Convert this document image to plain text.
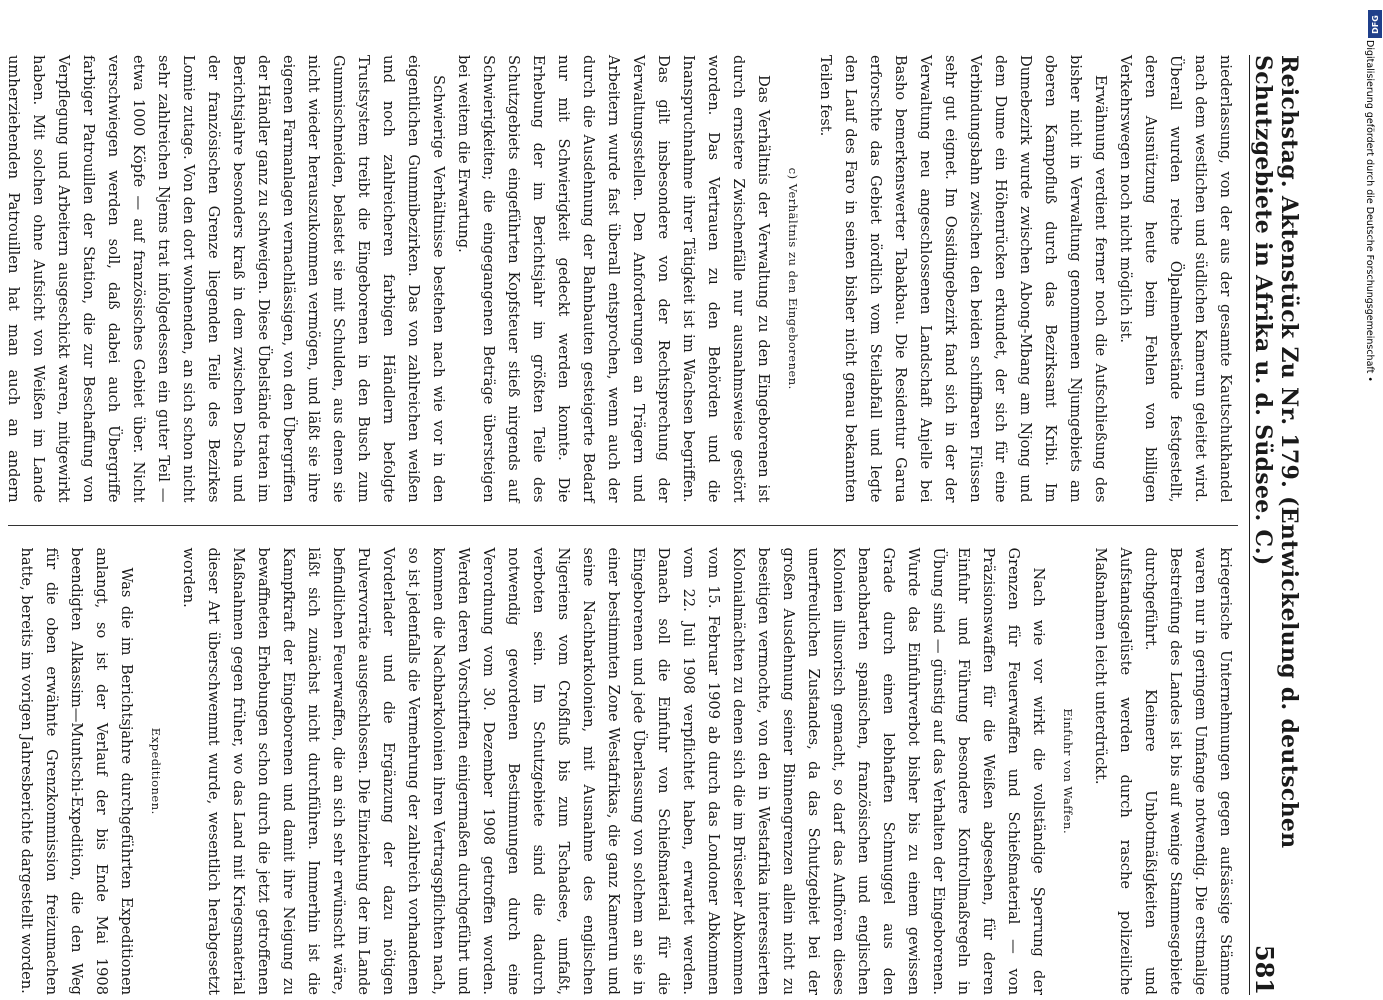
Reichstag. Aktenstück Zu Nr. 179. (Entwickelung d. deutschen Schutzgebiete in Afrika u. d. Südsee. C.)
581

niederlassung, von der aus der gesamte Kautschukhandel nach dem westlichen und südlichen Kamerun geleitet wird. Überall wurden reiche Ölpalmenbestände festgestellt, deren Ausnützung heute beim Fehlen von billigen Verkehrswegen noch nicht möglich ist.

Erwähnung verdient ferner noch die Aufschließung des bisher nicht in Verwaltung genommenen Njumgebiets am oberen Kampofluß durch das Bezirksamt Kribi. Im Dumebezirk wurde zwischen Abong-Mbang am Njong und dem Dume ein Höhenrücken erkundet, der sich für eine Verbindungsbahn zwischen den beiden schiffbaren Flüssen sehr gut eignet. Im Ossidingebezirk fand sich in der der Verwaltung neu angeschlossenen Landschaft Anjelle bei Basho bemerkenswerter Tabakbau. Die Residentur Garua erforschte das Gebiet nördlich vom Steilabfall und legte den Lauf des Faro in seinen bisher nicht genau bekannten Teilen fest.

c) Verhältnis zu den Eingeborenen.

Das Verhältnis der Verwaltung zu den Eingeborenen ist durch ernstere Zwischenfälle nur ausnahmsweise gestört worden. Das Vertrauen zu den Behörden und die Inanspruchnahme ihrer Tätigkeit ist im Wachsen begriffen. Das gilt insbesondere von der Rechtsprechung der Verwaltungsstellen. Den Anforderungen an Trägern und Arbeitern wurde fast überall entsprochen, wenn auch der durch die Ausdehnung der Bahnbauten gesteigerte Bedarf nur mit Schwierigkeit gedeckt werden konnte. Die Erhebung der im Berichtsjahr im größten Teile des Schutzgebiets eingeführten Kopfsteuer stieß nirgends auf Schwierigkeiten; die eingegangenen Beträge übersteigen bei weitem die Erwartung.

Schwierige Verhältnisse bestehen nach wie vor in den eigentlichen Gummibezirken. Das von zahlreichen weißen und noch zahlreicheren farbigen Händlern befolgte Trustsystem treibt die Eingeborenen in den Busch zum Gummischneiden, belastet sie mit Schulden, aus denen sie nicht wieder herauszukommen vermögen, und läßt sie ihre eigenen Farmanlagen vernachlässigen, von den Übergriffen der Händler ganz zu schweigen. Diese Übelstände traten im Berichtsjahre besonders kraß in dem zwischen Dscha und der französischen Grenze liegenden Teile des Bezirkes Lomie zutage. Von den dort wohnenden, an sich schon nicht sehr zahlreichen Njems trat infolgedessen ein guter Teil — etwa 1000 Köpfe — auf französisches Gebiet über. Nicht verschwiegen werden soll, daß dabei auch Übergriffe farbiger Patrouillen der Station, die zur Beschaffung von Verpflegung und Arbeitern ausgeschickt waren, mitgewirkt haben. Mit solchen ohne Aufsicht von Weißen im Lande umherziehenden Patrouillen hat man auch an andern

kriegerische Unternehmungen gegen aufsässige Stämme waren nur in geringem Umfange notwendig. Die erstmalige Bestreifung des Landes ist bis auf wenige Stammesgebiete durchgeführt. Kleinere Unbotmäßigkeiten und Aufstandsgelüste werden durch rasche polizeiliche Maßnahmen leicht unterdrückt.

Einfuhr von Waffen.

Nach wie vor wirkt die vollständige Sperrung der Grenzen für Feuerwaffen und Schießmaterial — von Präzisionswaffen für die Weißen abgesehen, für deren Einfuhr und Führung besondere Kontrollmaßregeln in Übung sind — günstig auf das Verhalten der Eingeborenen. Wurde das Einfuhrverbot bisher bis zu einem gewissen Grade durch einen lebhaften Schmuggel aus den benachbarten spanischen, französischen und englischen Kolonien illusorisch gemacht, so darf das Aufhören dieses unerfreulichen Zustandes, da das Schutzgebiet bei der großen Ausdehnung seiner Binnengrenzen allein nicht zu beseitigen vermochte, von den in Westafrika interessierten Kolonialmächten zu denen sich die im Brüsseler Abkommen vom 15. Februar 1909 ab durch das Londoner Abkommen vom 22. Juli 1908 verpflichtet haben, erwartet werden. Danach soll die Einfuhr von Schießmaterial für die Eingeborenen und jede Überlassung von solchem an sie in einer bestimmten Zone Westafrikas, die ganz Kamerun und seine Nachbarkolonien, mit Ausnahme des englischen Nigeriens vom Croßfluß bis zum Tschadsee, umfaßt, verboten sein. Im Schutzgebiete sind die dadurch notwendig gewordenen Bestimmungen durch eine Verordnung vom 30. Dezember 1908 getroffen worden. Werden deren Vorschriften einigermaßen durchgeführt und kommen die Nachbarkolonien ihren Vertragspflichten nach, so ist jedenfalls die Vermehrung der zahlreich vorhandenen Vorderlader und die Ergänzung der dazu nötigen Pulvervorräte ausgeschlossen. Die Einziehung der im Lande befindlichen Feuerwaffen, die an sich sehr erwünscht wäre, läßt sich zunächst nicht durchführen. Immerhin ist die Kampfkraft der Eingeborenen und damit ihre Neigung zu bewaffneten Erhebungen schon durch die jetzt getroffenen Maßnahmen gegen früher, wo das Land mit Kriegsmaterial dieser Art überschwemmt wurde, wesentlich herabgesetzt worden.

Expeditionen.

Was die im Berichtsjahre durchgeführten Expeditionen anlangt, so ist der Verlauf der bis Ende Mai 1908 beendigten Alkassim—Muntschi-Expedition, die den Weg für die oben erwähnte Grenzkommission freizumachen hatte, bereits im vorigen Jahresberichte dargestellt worden.

DFG
Digitalisierung gefördert durch die Deutsche Forschungsgemeinschaft •
